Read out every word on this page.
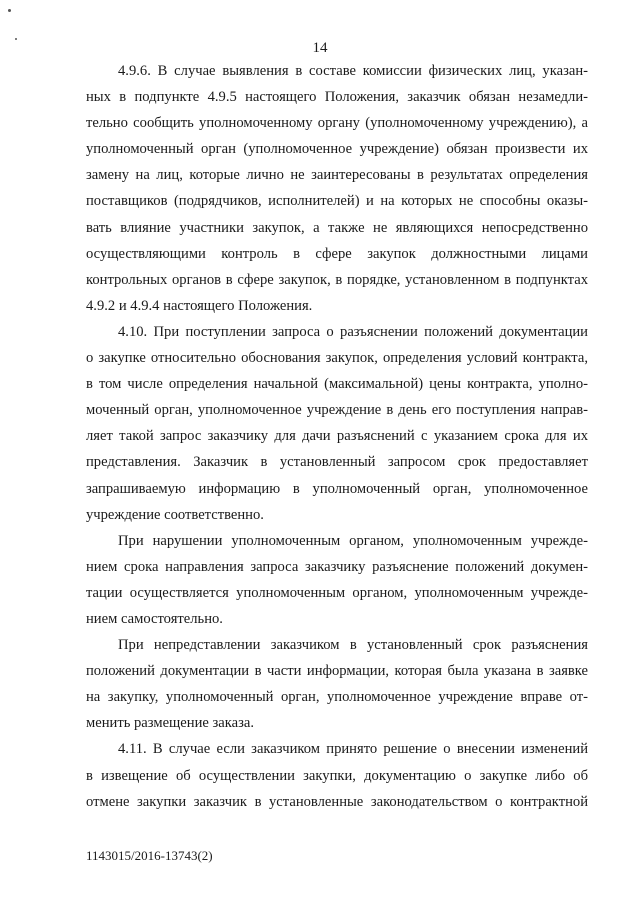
14
4.9.6. В случае выявления в составе комиссии физических лиц, указан-
ных в подпункте 4.9.5 настоящего Положения, заказчик обязан незамедли-
тельно сообщить уполномоченному органу (уполномоченному учреждению), а
уполномоченный орган (уполномоченное учреждение) обязан произвести их
замену на лиц, которые лично не заинтересованы в результатах определения
поставщиков (подрядчиков, исполнителей) и на которых не способны оказы-
вать влияние участники закупок, а также не являющихся непосредственно
осуществляющими контроль в сфере закупок должностными лицами
контрольных органов в сфере закупок, в порядке, установленном в подпунктах
4.9.2 и 4.9.4 настоящего Положения.
4.10. При поступлении запроса о разъяснении положений документации
о закупке относительно обоснования закупок, определения условий контракта,
в том числе определения начальной (максимальной) цены контракта, уполно-
моченный орган, уполномоченное учреждение в день его поступления направ-
ляет такой запрос заказчику для дачи разъяснений с указанием срока для их
представления. Заказчик в установленный запросом срок предоставляет
запрашиваемую информацию в уполномоченный орган, уполномоченное
учреждение соответственно.
При нарушении уполномоченным органом, уполномоченным учрежде-
нием срока направления запроса заказчику разъяснение положений докумен-
тации осуществляется уполномоченным органом, уполномоченным учрежде-
нием самостоятельно.
При непредставлении заказчиком в установленный срок разъяснения
положений документации в части информации, которая была указана в заявке
на закупку, уполномоченный орган, уполномоченное учреждение вправе от-
менить размещение заказа.
4.11. В случае если заказчиком принято решение о внесении изменений
в извещение об осуществлении закупки, документацию о закупке либо об
отмене закупки заказчик в установленные законодательством о контрактной
1143015/2016-13743(2)
